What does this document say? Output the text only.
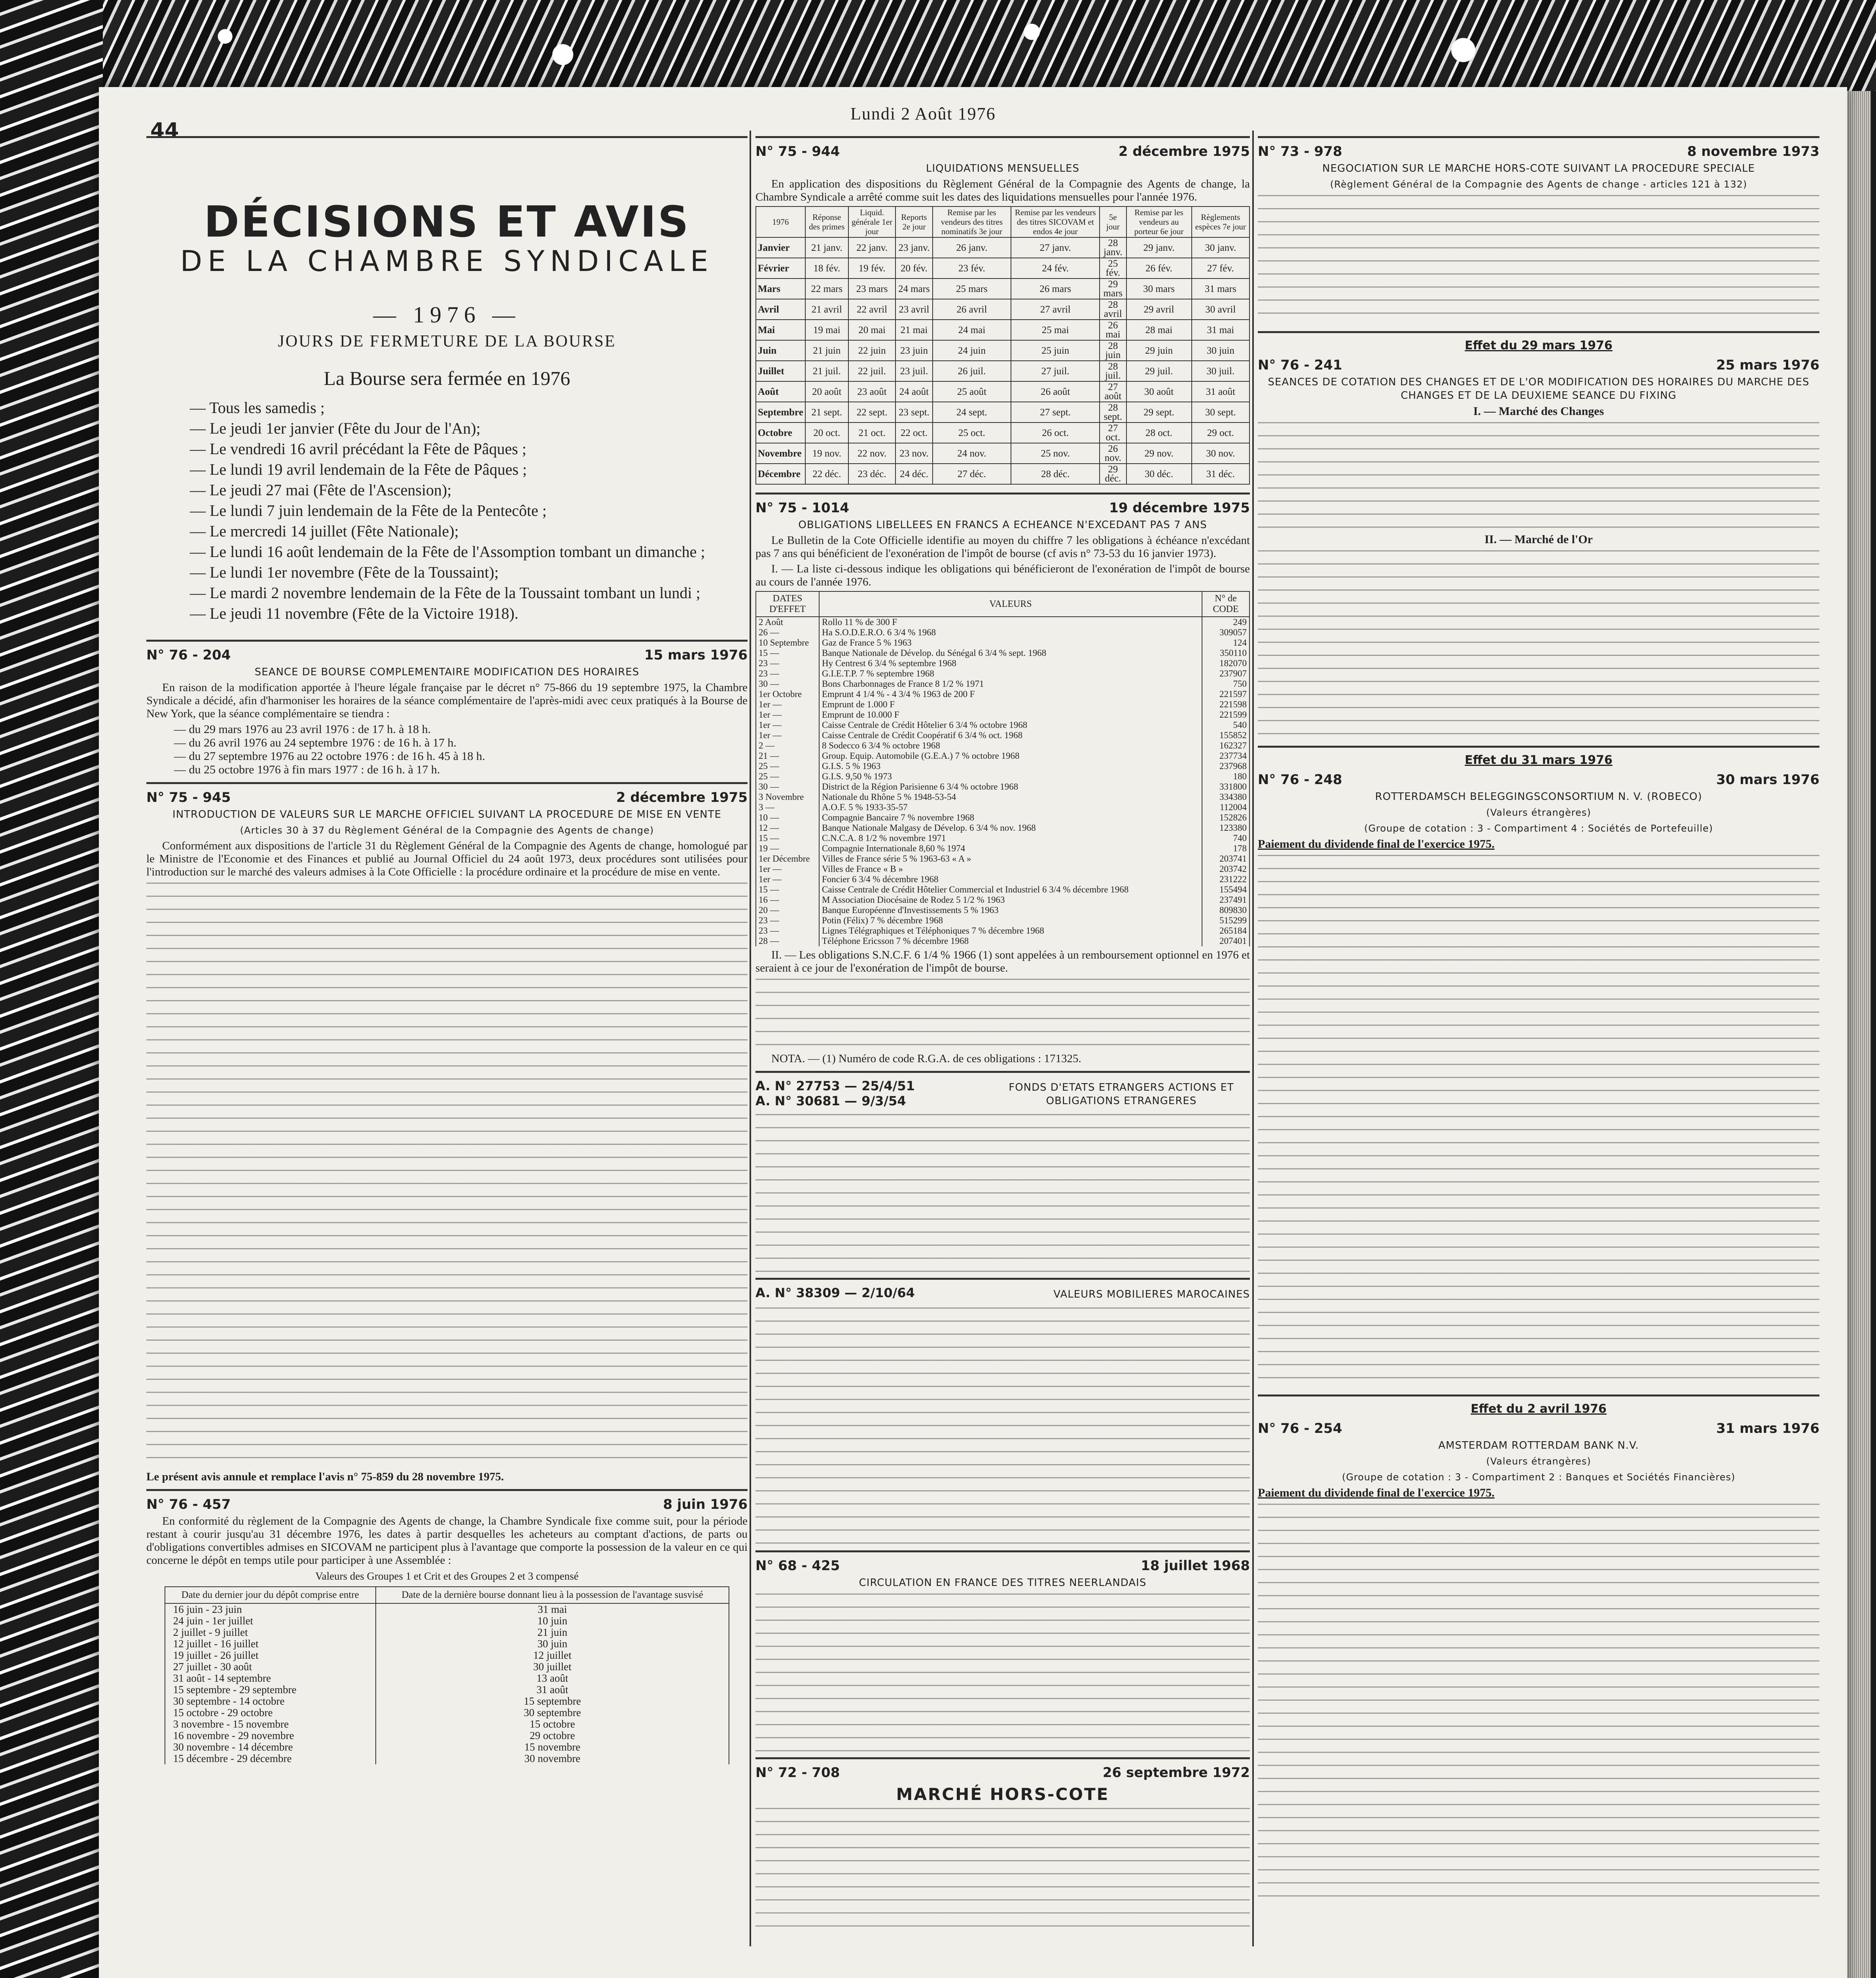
Lundi 2 Août 1976
44
DÉCISIONS ET AVIS
DE LA CHAMBRE SYNDICALE
— 1976 —
JOURS DE FERMETURE DE LA BOURSE
La Bourse sera fermée en 1976
— Tous les samedis ;
— Le jeudi 1er janvier (Fête du Jour de l'An);
— Le vendredi 16 avril précédant la Fête de Pâques ;
— Le lundi 19 avril lendemain de la Fête de Pâques ;
— Le jeudi 27 mai (Fête de l'Ascension);
— Le lundi 7 juin lendemain de la Fête de la Pentecôte ;
— Le mercredi 14 juillet (Fête Nationale);
— Le lundi 16 août lendemain de la Fête de l'Assomption tombant un dimanche ;
— Le lundi 1er novembre (Fête de la Toussaint);
— Le mardi 2 novembre lendemain de la Fête de la Toussaint tombant un lundi ;
— Le jeudi 11 novembre (Fête de la Victoire 1918).
N° 76 - 204	15 mars 1976
SEANCE DE BOURSE COMPLEMENTAIRE MODIFICATION DES HORAIRES
En raison de la modification apportée à l'heure légale française par le décret n° 75-866 du 19 septembre 1975, la Chambre Syndicale a décidé, afin d'harmoniser les horaires de la séance complémentaire de l'après-midi avec ceux pratiqués à la Bourse de New York, que la séance complémentaire se tiendra :
— du 29 mars 1976 au 23 avril 1976 : de 17 h. à 18 h.
— du 26 avril 1976 au 24 septembre 1976 : de 16 h. à 17 h.
— du 27 septembre 1976 au 22 octobre 1976 : de 16 h. 45 à 18 h.
— du 25 octobre 1976 à fin mars 1977 : de 16 h. à 17 h.
N° 75 - 945	2 décembre 1975
INTRODUCTION DE VALEURS SUR LE MARCHE OFFICIEL SUIVANT LA PROCEDURE DE MISE EN VENTE
(Articles 30 à 37 du Règlement Général de la Compagnie des Agents de change)
Conformément aux dispositions de l'article 31 du Règlement Général de la Compagnie des Agents de change, homologué par le Ministre de l'Economie et des Finances et publié au Journal Officiel du 24 août 1973, deux procédures sont utilisées pour l'introduction sur le marché des valeurs admises à la Cote Officielle : la procédure ordinaire et la procédure de mise en vente.
Le présent avis annule et remplace l'avis n° 75-859 du 28 novembre 1975.
N° 76 - 457	8 juin 1976
En conformité du règlement de la Compagnie des Agents de change, la Chambre Syndicale fixe comme suit, pour la période restant à courir jusqu'au 31 décembre 1976, les dates à partir desquelles les acheteurs au comptant d'actions, de parts ou d'obligations convertibles admises en SICOVAM ne participent plus à l'avantage que comporte la possession de la valeur en ce qui concerne le dépôt en temps utile pour participer à une Assemblée :
Valeurs des Groupes 1 et Crit et des Groupes 2 et 3 compensé
Date du dernier jour du dépôt comprise entre	Date de la dernière bourse donnant lieu à la possession de l'avantage susvisé
16 juin - 23 juin	31 mai
24 juin - 1er juillet	10 juin
2 juillet - 9 juillet	21 juin
12 juillet - 16 juillet	30 juin
19 juillet - 26 juillet	12 juillet
27 juillet - 30 août	30 juillet
31 août - 14 septembre	13 août
15 septembre - 29 septembre	31 août
30 septembre - 14 octobre	15 septembre
15 octobre - 29 octobre	30 septembre
3 novembre - 15 novembre	15 octobre
16 novembre - 29 novembre	29 octobre
30 novembre - 14 décembre	15 novembre
15 décembre - 29 décembre	30 novembre
N° 75 - 944	2 décembre 1975
LIQUIDATIONS MENSUELLES
En application des dispositions du Règlement Général de la Compagnie des Agents de change, la Chambre Syndicale a arrêté comme suit les dates des liquidations mensuelles pour l'année 1976.
1976	Réponse des primes	Liquid. générale 1er jour	Reports 2e jour	Remise par les vendeurs des titres nominatifs 3e jour	Remise par les vendeurs des titres SICOVAM et endos 4e jour	5e jour	Remise par les vendeurs au porteur 6e jour	Règlements espèces 7e jour
Janvier	21 janv.	22 janv.	23 janv.	26 janv.	27 janv.	28 janv.	29 janv.	30 janv.
Février	18 fév.	19 fév.	20 fév.	23 fév.	24 fév.	25 fév.	26 fév.	27 fév.
Mars	22 mars	23 mars	24 mars	25 mars	26 mars	29 mars	30 mars	31 mars
Avril	21 avril	22 avril	23 avril	26 avril	27 avril	28 avril	29 avril	30 avril
Mai	19 mai	20 mai	21 mai	24 mai	25 mai	26 mai	28 mai	31 mai
Juin	21 juin	22 juin	23 juin	24 juin	25 juin	28 juin	29 juin	30 juin
Juillet	21 juil.	22 juil.	23 juil.	26 juil.	27 juil.	28 juil.	29 juil.	30 juil.
Août	20 août	23 août	24 août	25 août	26 août	27 août	30 août	31 août
Septembre	21 sept.	22 sept.	23 sept.	24 sept.	27 sept.	28 sept.	29 sept.	30 sept.
Octobre	20 oct.	21 oct.	22 oct.	25 oct.	26 oct.	27 oct.	28 oct.	29 oct.
Novembre	19 nov.	22 nov.	23 nov.	24 nov.	25 nov.	26 nov.	29 nov.	30 nov.
Décembre	22 déc.	23 déc.	24 déc.	27 déc.	28 déc.	29 déc.	30 déc.	31 déc.
N° 75 - 1014	19 décembre 1975
OBLIGATIONS LIBELLEES EN FRANCS A ECHEANCE N'EXCEDANT PAS 7 ANS
Le Bulletin de la Cote Officielle identifie au moyen du chiffre 7 les obligations à échéance n'excédant pas 7 ans qui bénéficient de l'exonération de l'impôt de bourse (cf avis n° 73-53 du 16 janvier 1973).
I. — La liste ci-dessous indique les obligations qui bénéficieront de l'exonération de l'impôt de bourse au cours de l'année 1976.
DATES D'EFFET	VALEURS	N° de CODE
2 Août	Rollo 11 % de 300 F	249
26 —	Ha S.O.D.E.R.O. 6 3/4 % 1968	309057
10 Septembre	Gaz de France 5 % 1963	124
15 —	Banque Nationale de Dévelop. du Sénégal 6 3/4 % sept. 1968	350110
23 —	Hy Centrest 6 3/4 % septembre 1968	182070
23 —	G.I.E.T.P. 7 % septembre 1968	237907
30 —	Bons Charbonnages de France 8 1/2 % 1971	750
1er Octobre	Emprunt 4 1/4 % - 4 3/4 % 1963 de 200 F	221597
1er —	Emprunt de 1.000 F	221598
1er —	Emprunt de 10.000 F	221599
1er —	Caisse Centrale de Crédit Hôtelier 6 3/4 % octobre 1968	540
1er —	Caisse Centrale de Crédit Coopératif 6 3/4 % oct. 1968	155852
2 —	8 Sodecco 6 3/4 % octobre 1968	162327
21 —	Group. Equip. Automobile (G.E.A.) 7 % octobre 1968	237734
25 —	G.I.S. 5 % 1963	237968
25 —	G.I.S. 9,50 % 1973	180
30 —	District de la Région Parisienne 6 3/4 % octobre 1968	331800
3 Novembre	Nationale du Rhône 5 % 1948-53-54	334380
3 —	A.O.F. 5 % 1933-35-57	112004
10 —	Compagnie Bancaire 7 % novembre 1968	152826
12 —	Banque Nationale Malgasy de Dévelop. 6 3/4 % nov. 1968	123380
15 —	C.N.C.A. 8 1/2 % novembre 1971	740
19 —	Compagnie Internationale 8,60 % 1974	178
1er Décembre	Villes de France série 5 % 1963-63 « A »	203741
1er —	Villes de France « B »	203742
1er —	Foncier 6 3/4 % décembre 1968	231222
15 —	Caisse Centrale de Crédit Hôtelier Commercial et Industriel 6 3/4 % décembre 1968	155494
16 —	M Association Diocésaine de Rodez 5 1/2 % 1963	237491
20 —	Banque Européenne d'Investissements 5 % 1963	809830
23 —	Potin (Félix) 7 % décembre 1968	515299
23 —	Lignes Télégraphiques et Téléphoniques 7 % décembre 1968	265184
28 —	Téléphone Ericsson 7 % décembre 1968	207401
II. — Les obligations S.N.C.F. 6 1/4 % 1966 (1) sont appelées à un remboursement optionnel en 1976 et seraient à ce jour de l'exonération de l'impôt de bourse.
NOTA. — (1) Numéro de code R.G.A. de ces obligations : 171325.
A. N° 27753 — 25/4/51
A. N° 30681 — 9/3/54
FONDS D'ETATS ETRANGERS ACTIONS ET OBLIGATIONS ETRANGERES
A. N° 38309 — 2/10/64	VALEURS MOBILIERES MAROCAINES
N° 68 - 425	18 juillet 1968
CIRCULATION EN FRANCE DES TITRES NEERLANDAIS
N° 72 - 708	26 septembre 1972
MARCHÉ HORS-COTE
N° 73 - 978	8 novembre 1973
NEGOCIATION SUR LE MARCHE HORS-COTE SUIVANT LA PROCEDURE SPECIALE
(Règlement Général de la Compagnie des Agents de change - articles 121 à 132)
Effet du 29 mars 1976
N° 76 - 241	25 mars 1976
SEANCES DE COTATION DES CHANGES ET DE L'OR MODIFICATION DES HORAIRES DU MARCHE DES CHANGES ET DE LA DEUXIEME SEANCE DU FIXING
I. — Marché des Changes
II. — Marché de l'Or
Effet du 31 mars 1976
N° 76 - 248	30 mars 1976
ROTTERDAMSCH BELEGGINGSCONSORTIUM N. V. (ROBECO)
(Valeurs étrangères)
(Groupe de cotation : 3 - Compartiment 4 : Sociétés de Portefeuille)
Paiement du dividende final de l'exercice 1975.
Effet du 2 avril 1976
N° 76 - 254	31 mars 1976
AMSTERDAM ROTTERDAM BANK N.V.
(Valeurs étrangères)
(Groupe de cotation : 3 - Compartiment 2 : Banques et Sociétés Financières)
Paiement du dividende final de l'exercice 1975.
